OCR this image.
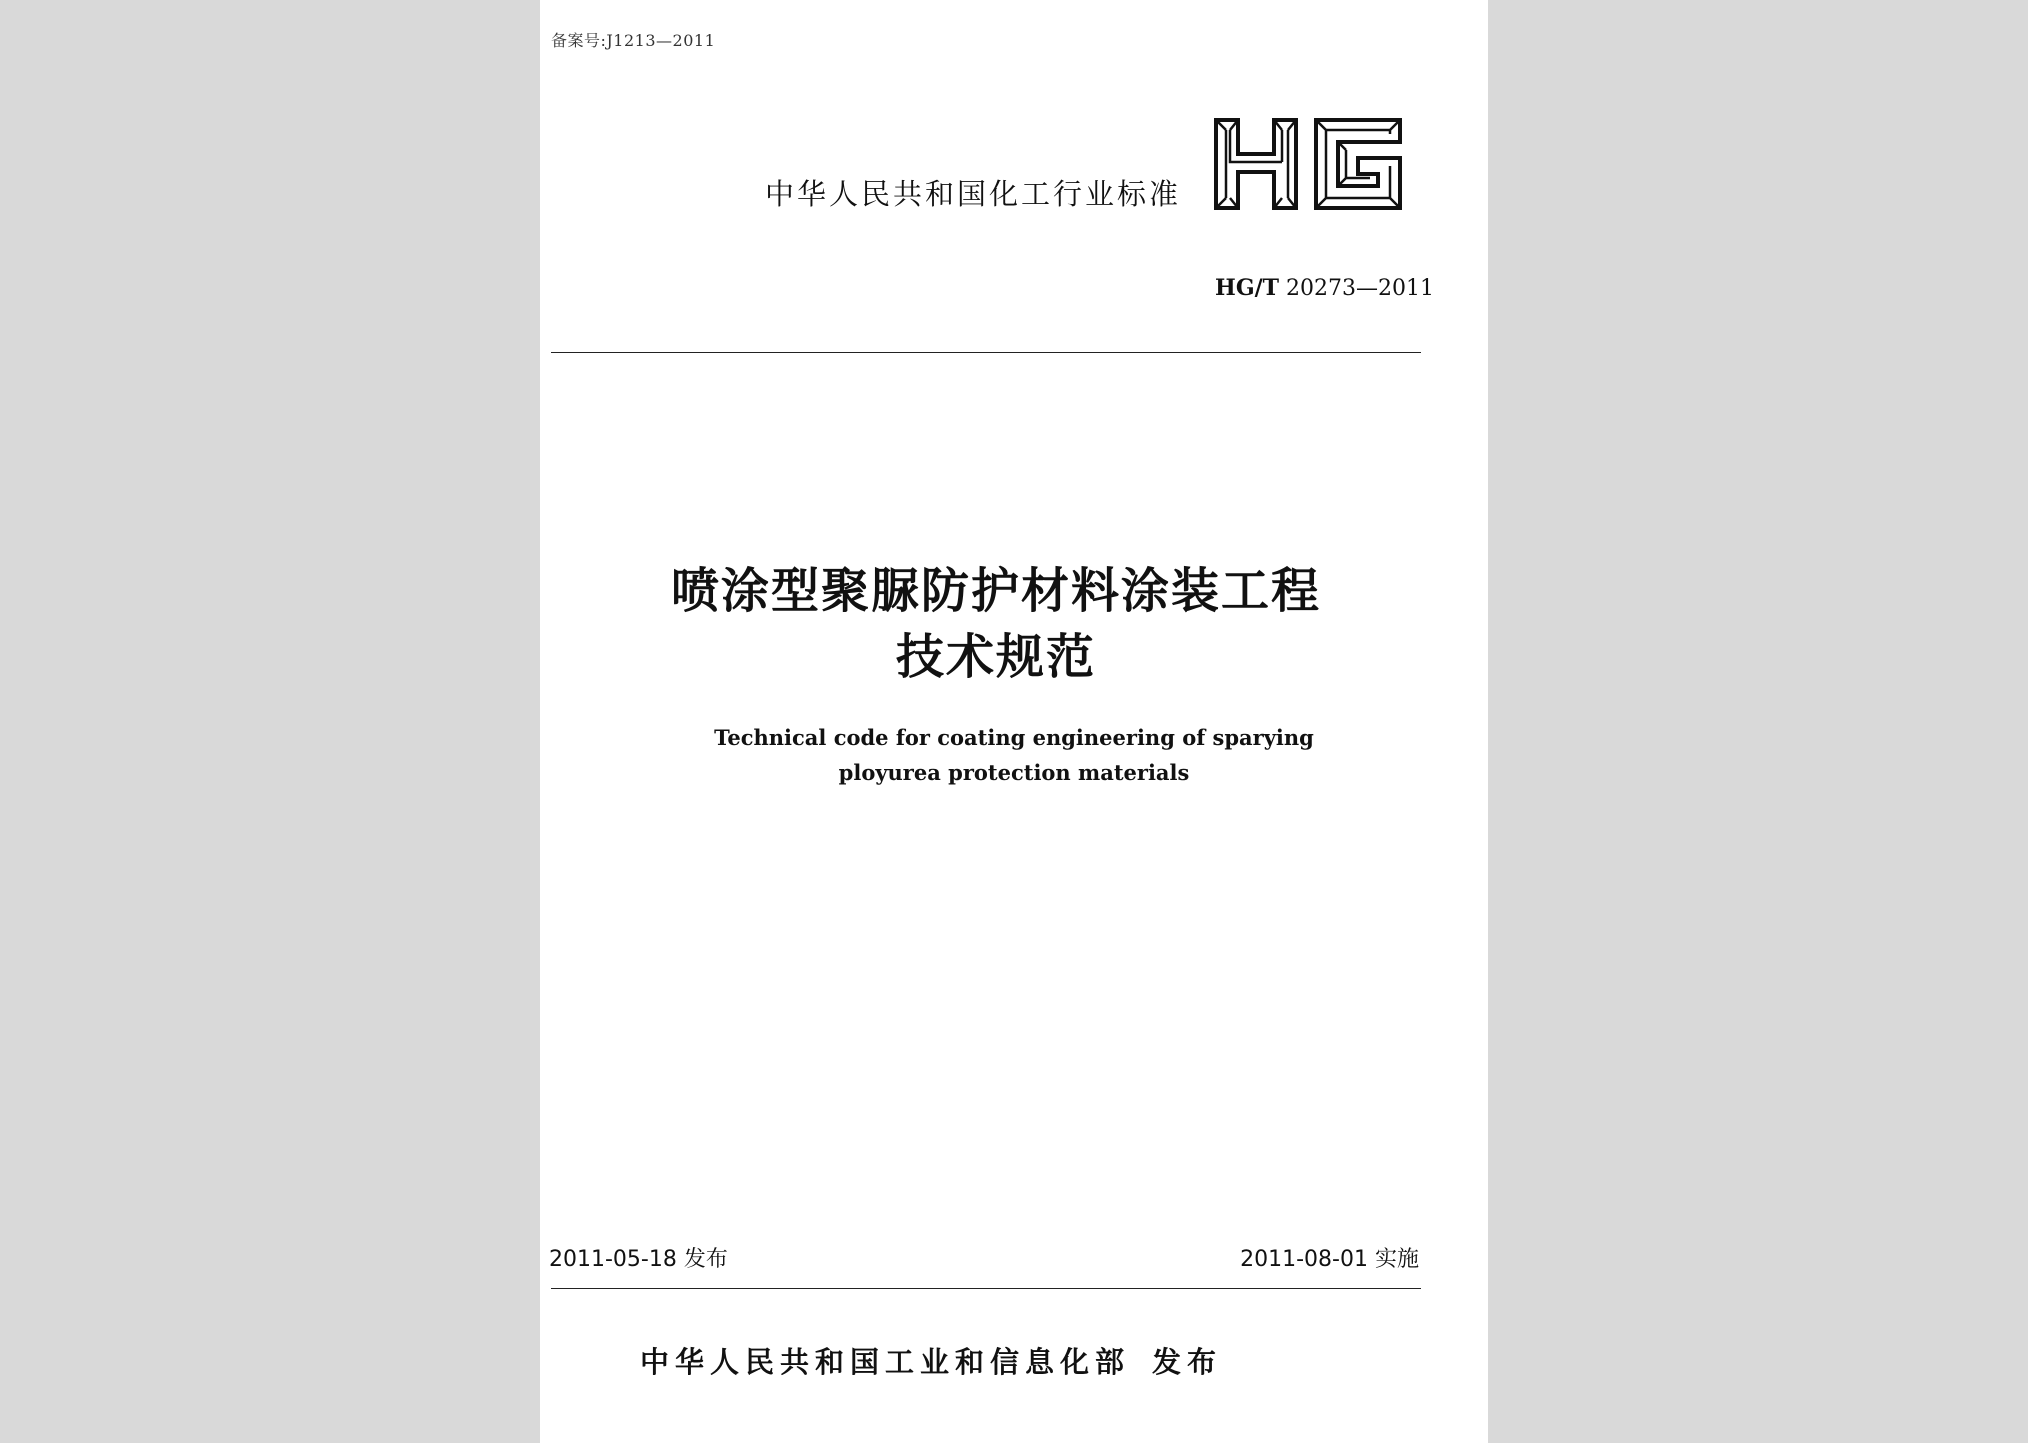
备案号:J1213—2011
中华人民共和国化工行业标准
HG/T 20273—2011
喷涂型聚脲防护材料涂装工程
技术规范
Technical code for coating engineering of sparying
ployurea protection materials
2011-05-18 发布	2011-08-01 实施
中华人民共和国工业和信息化部 发布
